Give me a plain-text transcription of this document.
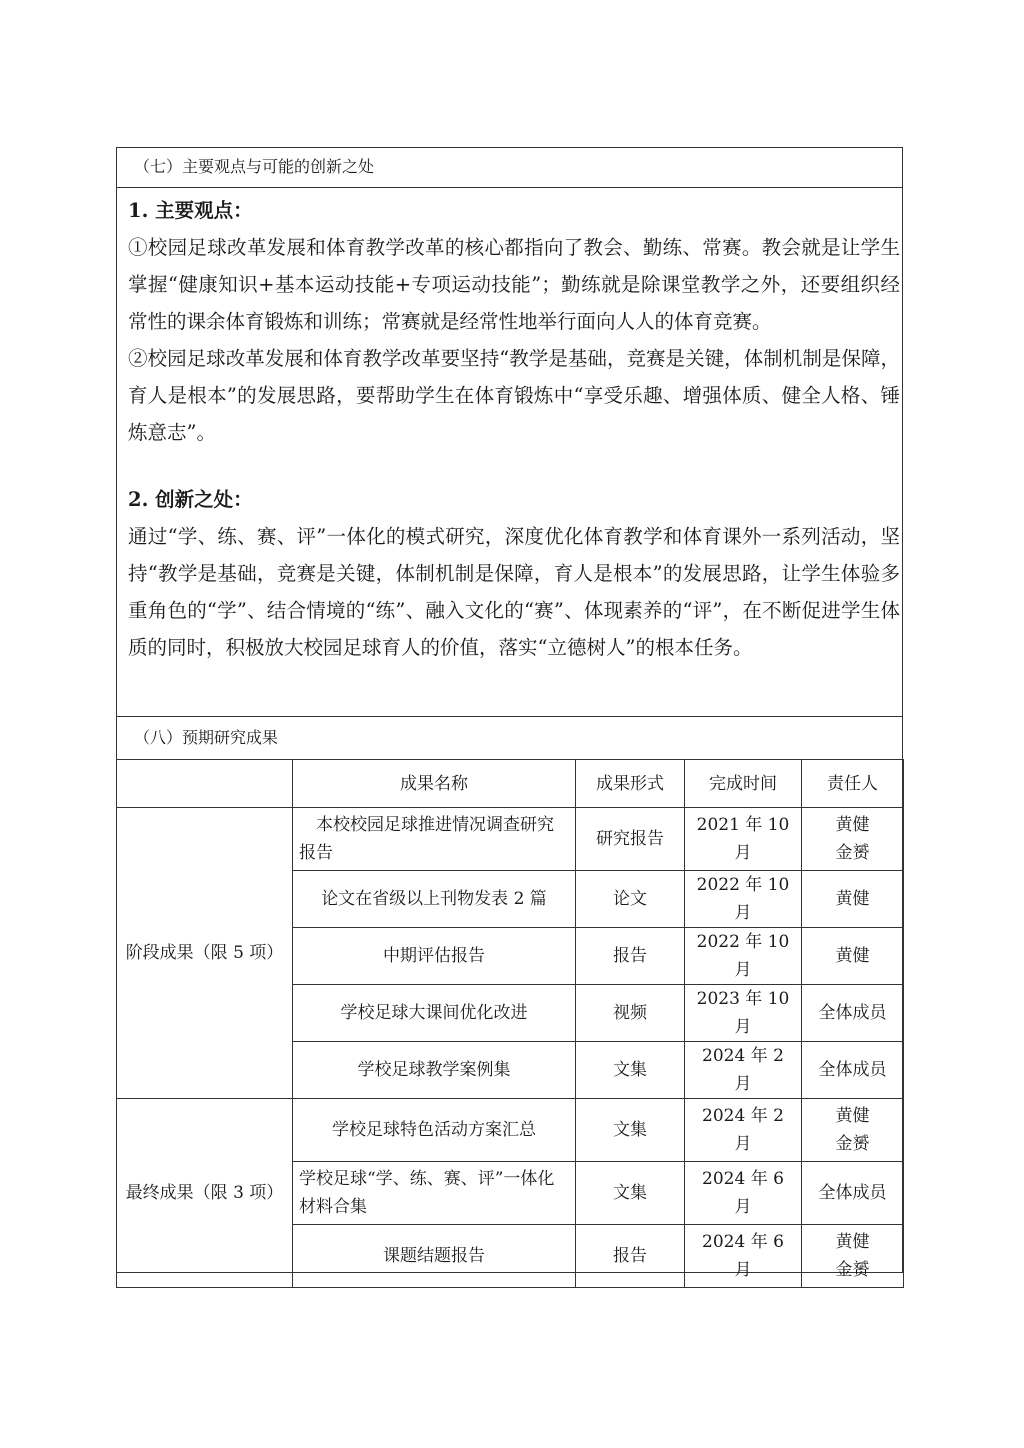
（七）主要观点与可能的创新之处

1. 主要观点：

①校园足球改革发展和体育教学改革的核心都指向了教会、勤练、常赛。教会就是让学生掌握“健康知识+基本运动技能+专项运动技能”；勤练就是除课堂教学之外，还要组织经常性的课余体育锻炼和训练；常赛就是经常性地举行面向人人的体育竞赛。

②校园足球改革发展和体育教学改革要坚持“教学是基础，竞赛是关键，体制机制是保障，育人是根本”的发展思路，要帮助学生在体育锻炼中“享受乐趣、增强体质、健全人格、锤炼意志”。

2. 创新之处：

通过“学、练、赛、评”一体化的模式研究，深度优化体育教学和体育课外一系列活动，坚持“教学是基础，竞赛是关键，体制机制是保障，育人是根本”的发展思路，让学生体验多重角色的“学”、结合情境的“练”、融入文化的“赛”、体现素养的“评”，在不断促进学生体质的同时，积极放大校园足球育人的价值，落实“立德树人”的根本任务。

（八）预期研究成果
	成果名称	成果形式	完成时间	责任人
阶段成果（限 5 项）	本校校园足球推进情况调查研究报告	研究报告	2021 年 10 月	黄健
金赟
	论文在省级以上刊物发表 2 篇	论文	2022 年 10 月	黄健
	中期评估报告	报告	2022 年 10 月	黄健
	学校足球大课间优化改进	视频	2023 年 10 月	全体成员
	学校足球教学案例集	文集	2024 年 2 月	全体成员
最终成果（限 3 项）	学校足球特色活动方案汇总	文集	2024 年 2 月	黄健
金赟
	学校足球“学、练、赛、评”一体化材料合集	文集	2024 年 6 月	全体成员
	课题结题报告	报告	2024 年 6 月	黄健
金赟
